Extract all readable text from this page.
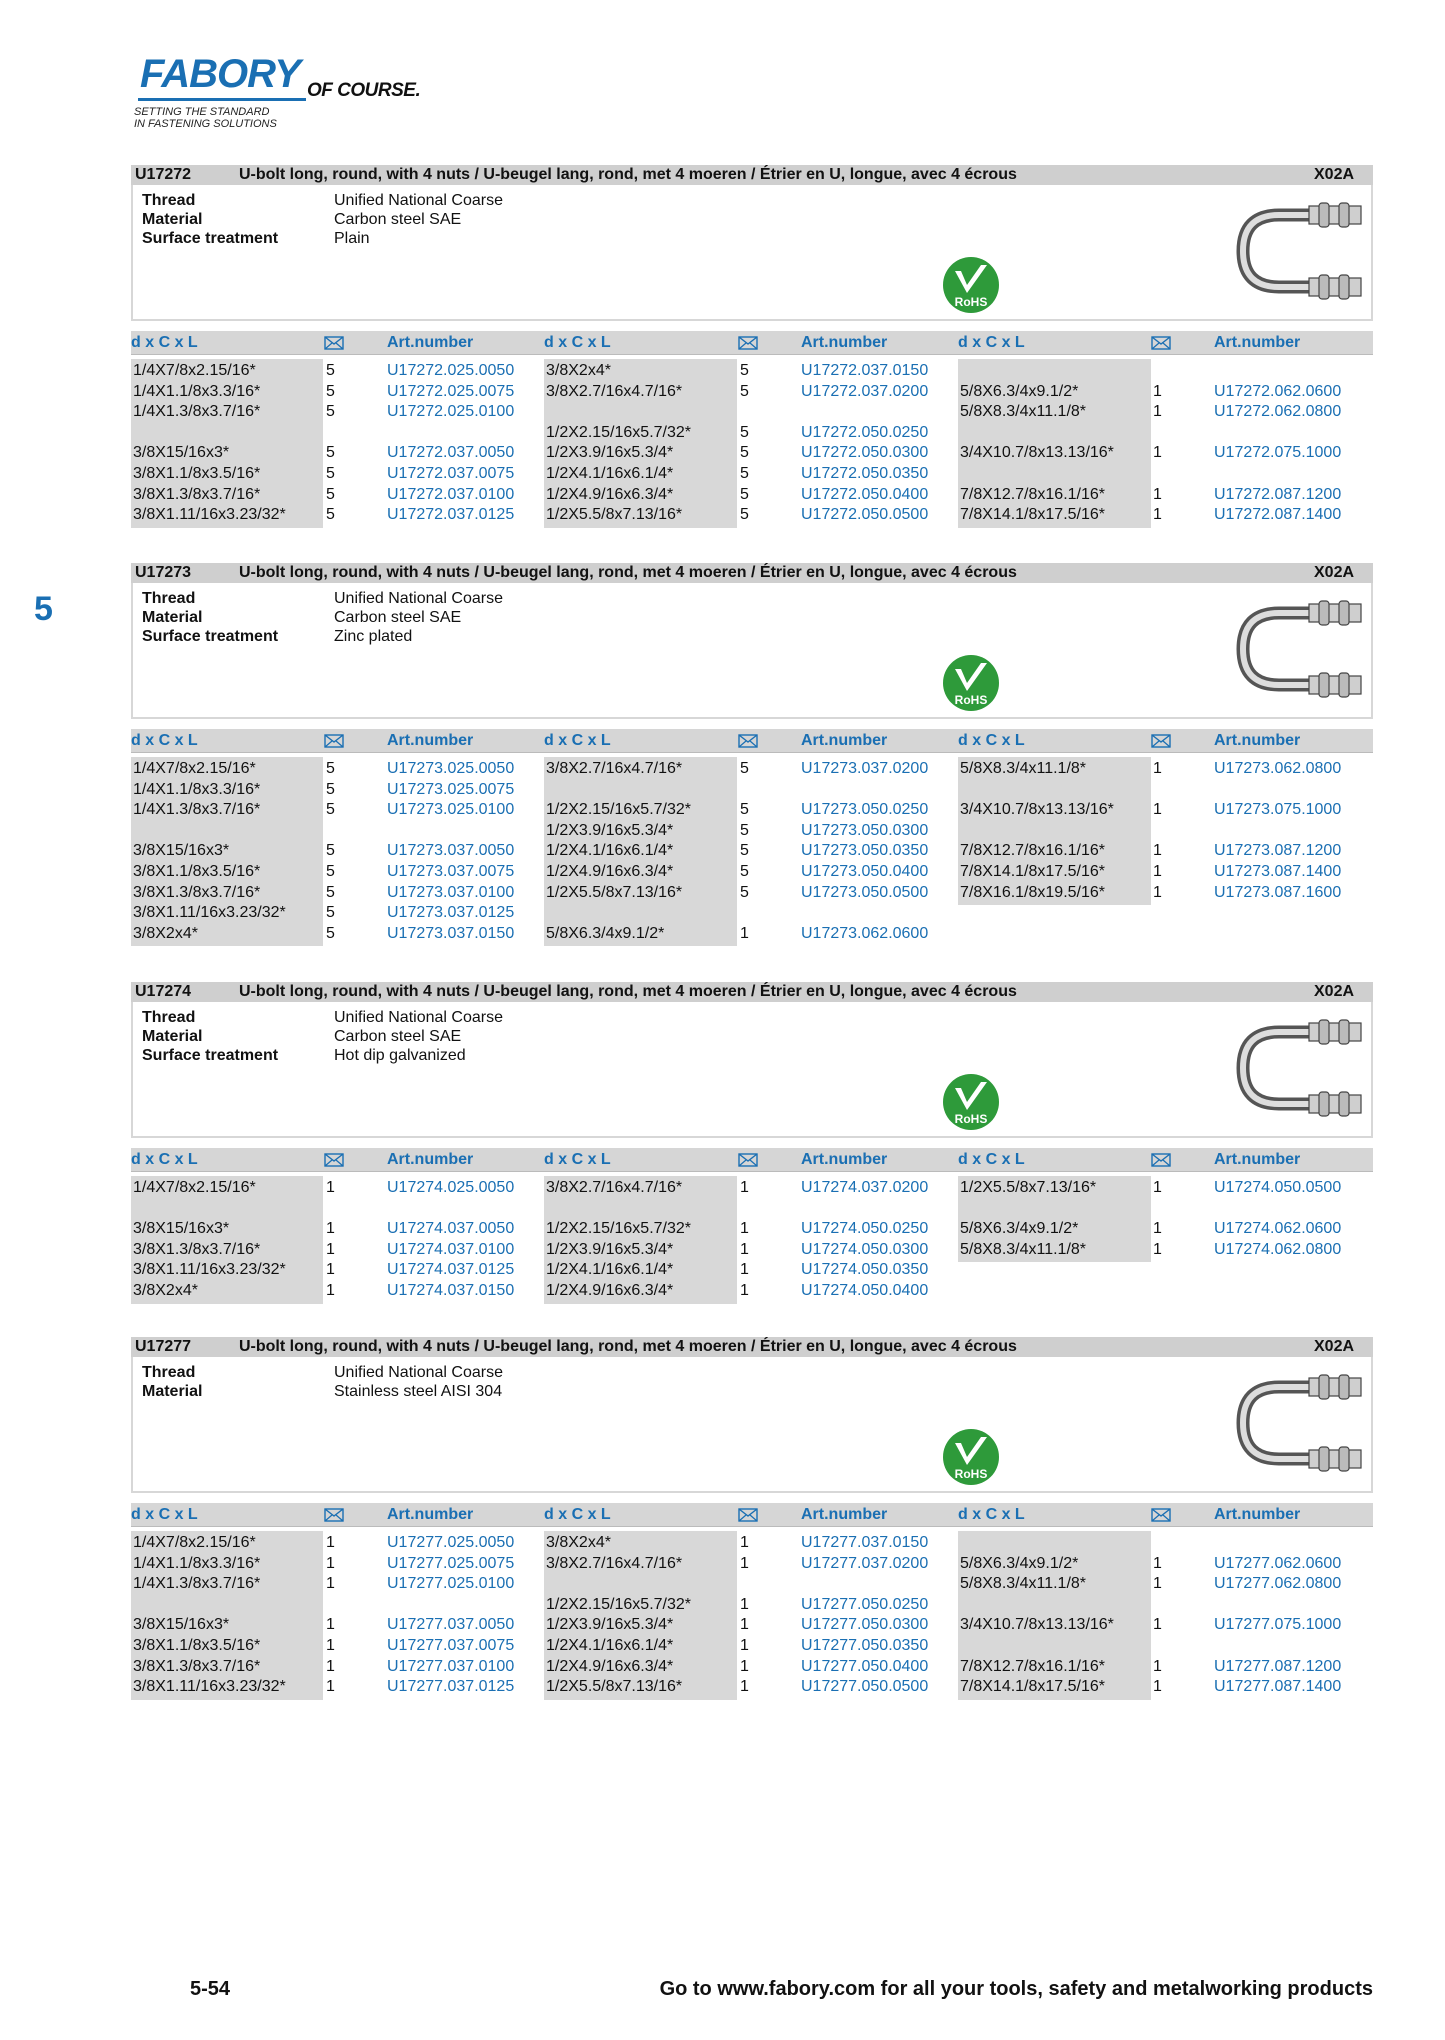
FABORY OF COURSE.
SETTING THE STANDARD
IN FASTENING SOLUTIONS
5
U17272	U-bolt long, round, with 4 nuts / U-beugel lang, rond, met 4 moeren / Étrier en U, longue, avec 4 écrous	X02A
Thread	Unified National Coarse
Material	Carbon steel SAE
Surface treatment	Plain
RoHS
d x C x L	Art.number	d x C x L	Art.number	d x C x L	Art.number
1/4X7/8x2.15/16*	5	U17272.025.0050
1/4X1.1/8x3.3/16*	5	U17272.025.0075
1/4X1.3/8x3.7/16*	5	U17272.025.0100
3/8X15/16x3*	5	U17272.037.0050
3/8X1.1/8x3.5/16*	5	U17272.037.0075
3/8X1.3/8x3.7/16*	5	U17272.037.0100
3/8X1.11/16x3.23/32*	5	U17272.037.0125
3/8X2x4*	5	U17272.037.0150
3/8X2.7/16x4.7/16*	5	U17272.037.0200
1/2X2.15/16x5.7/32*	5	U17272.050.0250
1/2X3.9/16x5.3/4*	5	U17272.050.0300
1/2X4.1/16x6.1/4*	5	U17272.050.0350
1/2X4.9/16x6.3/4*	5	U17272.050.0400
1/2X5.5/8x7.13/16*	5	U17272.050.0500
5/8X6.3/4x9.1/2*	1	U17272.062.0600
5/8X8.3/4x11.1/8*	1	U17272.062.0800
3/4X10.7/8x13.13/16* 1	U17272.075.1000
7/8X12.7/8x16.1/16*	1	U17272.087.1200
7/8X14.1/8x17.5/16*	1	U17272.087.1400
U17273	U-bolt long, round, with 4 nuts / U-beugel lang, rond, met 4 moeren / Étrier en U, longue, avec 4 écrous	X02A
Thread	Unified National Coarse
Material	Carbon steel SAE
Surface treatment	Zinc plated
RoHS
d x C x L	Art.number	d x C x L	Art.number	d x C x L	Art.number
1/4X7/8x2.15/16*	5	U17273.025.0050
1/4X1.1/8x3.3/16*	5	U17273.025.0075
1/4X1.3/8x3.7/16*	5	U17273.025.0100
3/8X15/16x3*	5	U17273.037.0050
3/8X1.1/8x3.5/16*	5	U17273.037.0075
3/8X1.3/8x3.7/16*	5	U17273.037.0100
3/8X1.11/16x3.23/32*	5	U17273.037.0125
3/8X2x4*	5	U17273.037.0150
3/8X2.7/16x4.7/16*	5	U17273.037.0200
1/2X2.15/16x5.7/32*	5	U17273.050.0250
1/2X3.9/16x5.3/4*	5	U17273.050.0300
1/2X4.1/16x6.1/4*	5	U17273.050.0350
1/2X4.9/16x6.3/4*	5	U17273.050.0400
1/2X5.5/8x7.13/16*	5	U17273.050.0500
5/8X6.3/4x9.1/2*	1	U17273.062.0600
5/8X8.3/4x11.1/8*	1	U17273.062.0800
3/4X10.7/8x13.13/16* 1	U17273.075.1000
7/8X12.7/8x16.1/16*	1	U17273.087.1200
7/8X14.1/8x17.5/16*	1	U17273.087.1400
7/8X16.1/8x19.5/16*	1	U17273.087.1600
U17274	U-bolt long, round, with 4 nuts / U-beugel lang, rond, met 4 moeren / Étrier en U, longue, avec 4 écrous	X02A
Thread	Unified National Coarse
Material	Carbon steel SAE
Surface treatment	Hot dip galvanized
RoHS
d x C x L	Art.number	d x C x L	Art.number	d x C x L	Art.number
1/4X7/8x2.15/16*	1	U17274.025.0050
3/8X15/16x3*	1	U17274.037.0050
3/8X1.3/8x3.7/16*	1	U17274.037.0100
3/8X1.11/16x3.23/32*	1	U17274.037.0125
3/8X2x4*	1	U17274.037.0150
3/8X2.7/16x4.7/16*	1	U17274.037.0200
1/2X2.15/16x5.7/32*	1	U17274.050.0250
1/2X3.9/16x5.3/4*	1	U17274.050.0300
1/2X4.1/16x6.1/4*	1	U17274.050.0350
1/2X4.9/16x6.3/4*	1	U17274.050.0400
1/2X5.5/8x7.13/16*	1	U17274.050.0500
5/8X6.3/4x9.1/2*	1	U17274.062.0600
5/8X8.3/4x11.1/8*	1	U17274.062.0800
U17277	U-bolt long, round, with 4 nuts / U-beugel lang, rond, met 4 moeren / Étrier en U, longue, avec 4 écrous	X02A
Thread	Unified National Coarse
Material	Stainless steel AISI 304
RoHS
d x C x L	Art.number	d x C x L	Art.number	d x C x L	Art.number
1/4X7/8x2.15/16*	1	U17277.025.0050
1/4X1.1/8x3.3/16*	1	U17277.025.0075
1/4X1.3/8x3.7/16*	1	U17277.025.0100
3/8X15/16x3*	1	U17277.037.0050
3/8X1.1/8x3.5/16*	1	U17277.037.0075
3/8X1.3/8x3.7/16*	1	U17277.037.0100
3/8X1.11/16x3.23/32*	1	U17277.037.0125
3/8X2x4*	1	U17277.037.0150
3/8X2.7/16x4.7/16*	1	U17277.037.0200
1/2X2.15/16x5.7/32*	1	U17277.050.0250
1/2X3.9/16x5.3/4*	1	U17277.050.0300
1/2X4.1/16x6.1/4*	1	U17277.050.0350
1/2X4.9/16x6.3/4*	1	U17277.050.0400
1/2X5.5/8x7.13/16*	1	U17277.050.0500
5/8X6.3/4x9.1/2*	1	U17277.062.0600
5/8X8.3/4x11.1/8*	1	U17277.062.0800
3/4X10.7/8x13.13/16* 1	U17277.075.1000
7/8X12.7/8x16.1/16*	1	U17277.087.1200
7/8X14.1/8x17.5/16*	1	U17277.087.1400
5-54	Go to www.fabory.com for all your tools, safety and metalworking products
